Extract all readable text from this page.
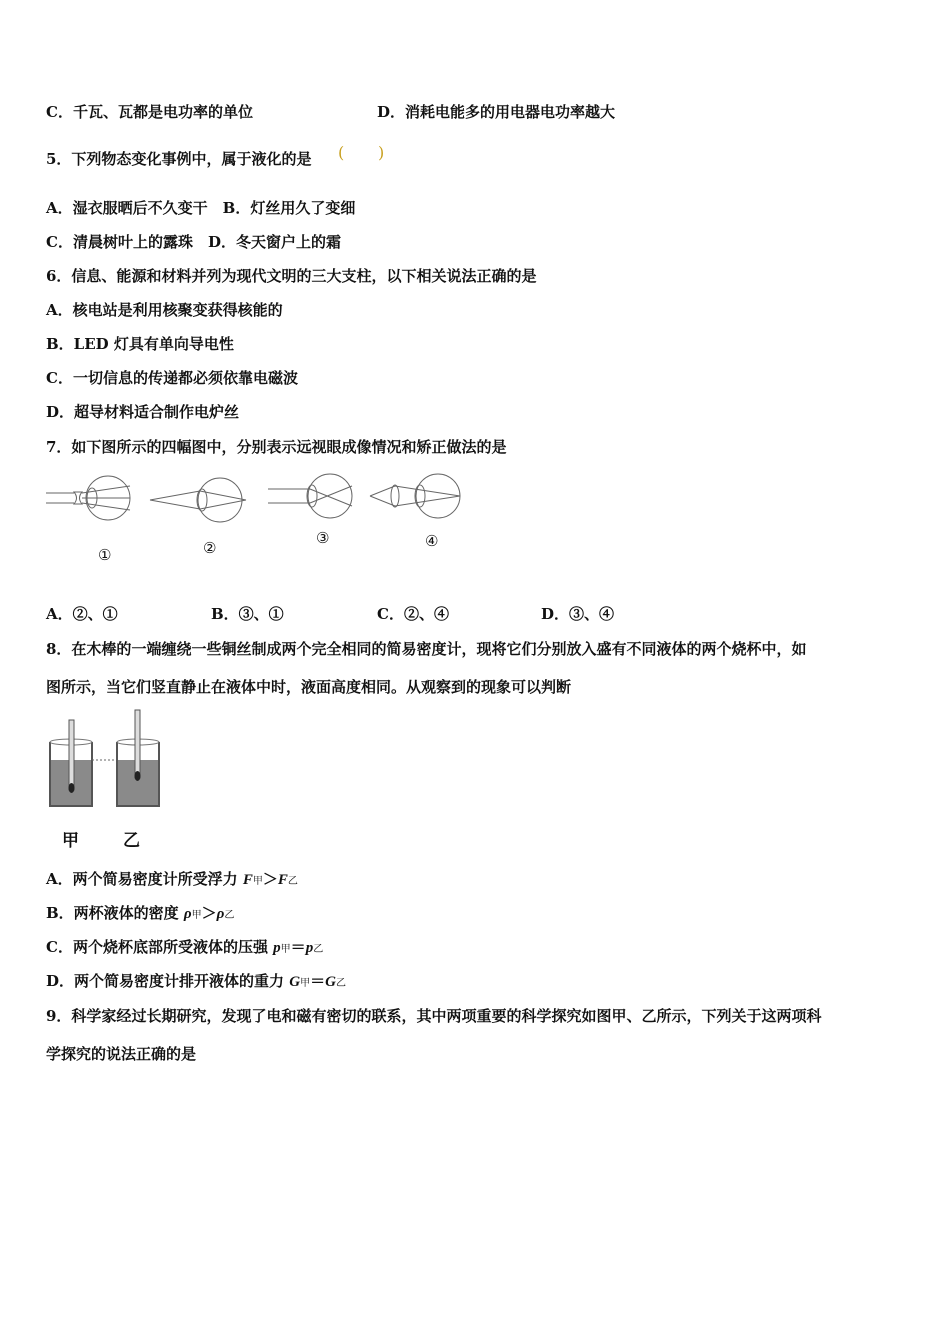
C．千瓦、瓦都是电功率的单位	D．消耗电能多的用电器电功率越大
5．下列物态变化事例中，属于液化的是 ( )
A．湿衣服晒后不久变干　B．灯丝用久了变细
C．清晨树叶上的露珠　D．冬天窗户上的霜
6．信息、能源和材料并列为现代文明的三大支柱，以下相关说法正确的是
A．核电站是利用核聚变获得核能的
B．LED 灯具有单向导电性
C．一切信息的传递都必须依靠电磁波
D．超导材料适合制作电炉丝
7．如下图所示的四幅图中，分别表示远视眼成像情况和矫正做法的是
①	②
③	④
A．②、①	B．③、①	C．②、④	D．③、④
8．在木棒的一端缠绕一些铜丝制成两个完全相同的简易密度计，现将它们分别放入盛有不同液体的两个烧杯中，如
图所示，当它们竖直静止在液体中时，液面高度相同。从观察到的现象可以判断
甲	乙
A．两个简易密度计所受浮力 F甲＞F乙
B．两杯液体的密度 ρ甲＞ρ乙
C．两个烧杯底部所受液体的压强 p甲＝p乙
D．两个简易密度计排开液体的重力 G甲＝G乙
9．科学家经过长期研究，发现了电和磁有密切的联系，其中两项重要的科学探究如图甲、乙所示，下列关于这两项科
学探究的说法正确的是
